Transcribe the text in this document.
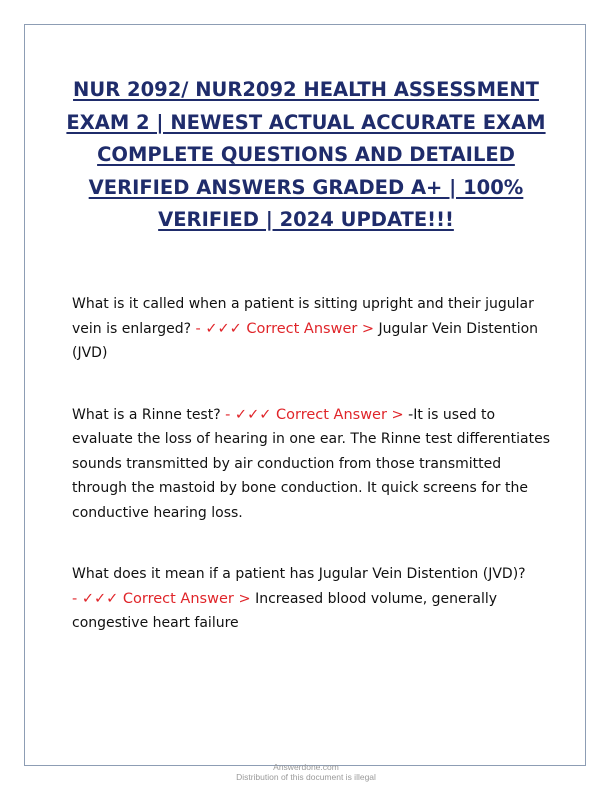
NUR 2092/ NUR2092 HEALTH ASSESSMENT EXAM 2 | NEWEST ACTUAL ACCURATE EXAM COMPLETE QUESTIONS AND DETAILED VERIFIED ANSWERS GRADED A+ | 100% VERIFIED | 2024 UPDATE!!!

What is it called when a patient is sitting upright and their jugular vein is enlarged? - ✓✓✓ Correct Answer > Jugular Vein Distention (JVD)

What is a Rinne test? - ✓✓✓ Correct Answer > -It is used to evaluate the loss of hearing in one ear. The Rinne test differentiates sounds transmitted by air conduction from those transmitted through the mastoid by bone conduction. It quick screens for the conductive hearing loss.

What does it mean if a patient has Jugular Vein Distention (JVD)? - ✓✓✓ Correct Answer > Increased blood volume, generally congestive heart failure

Answerdone.com
Distribution of this document is illegal
